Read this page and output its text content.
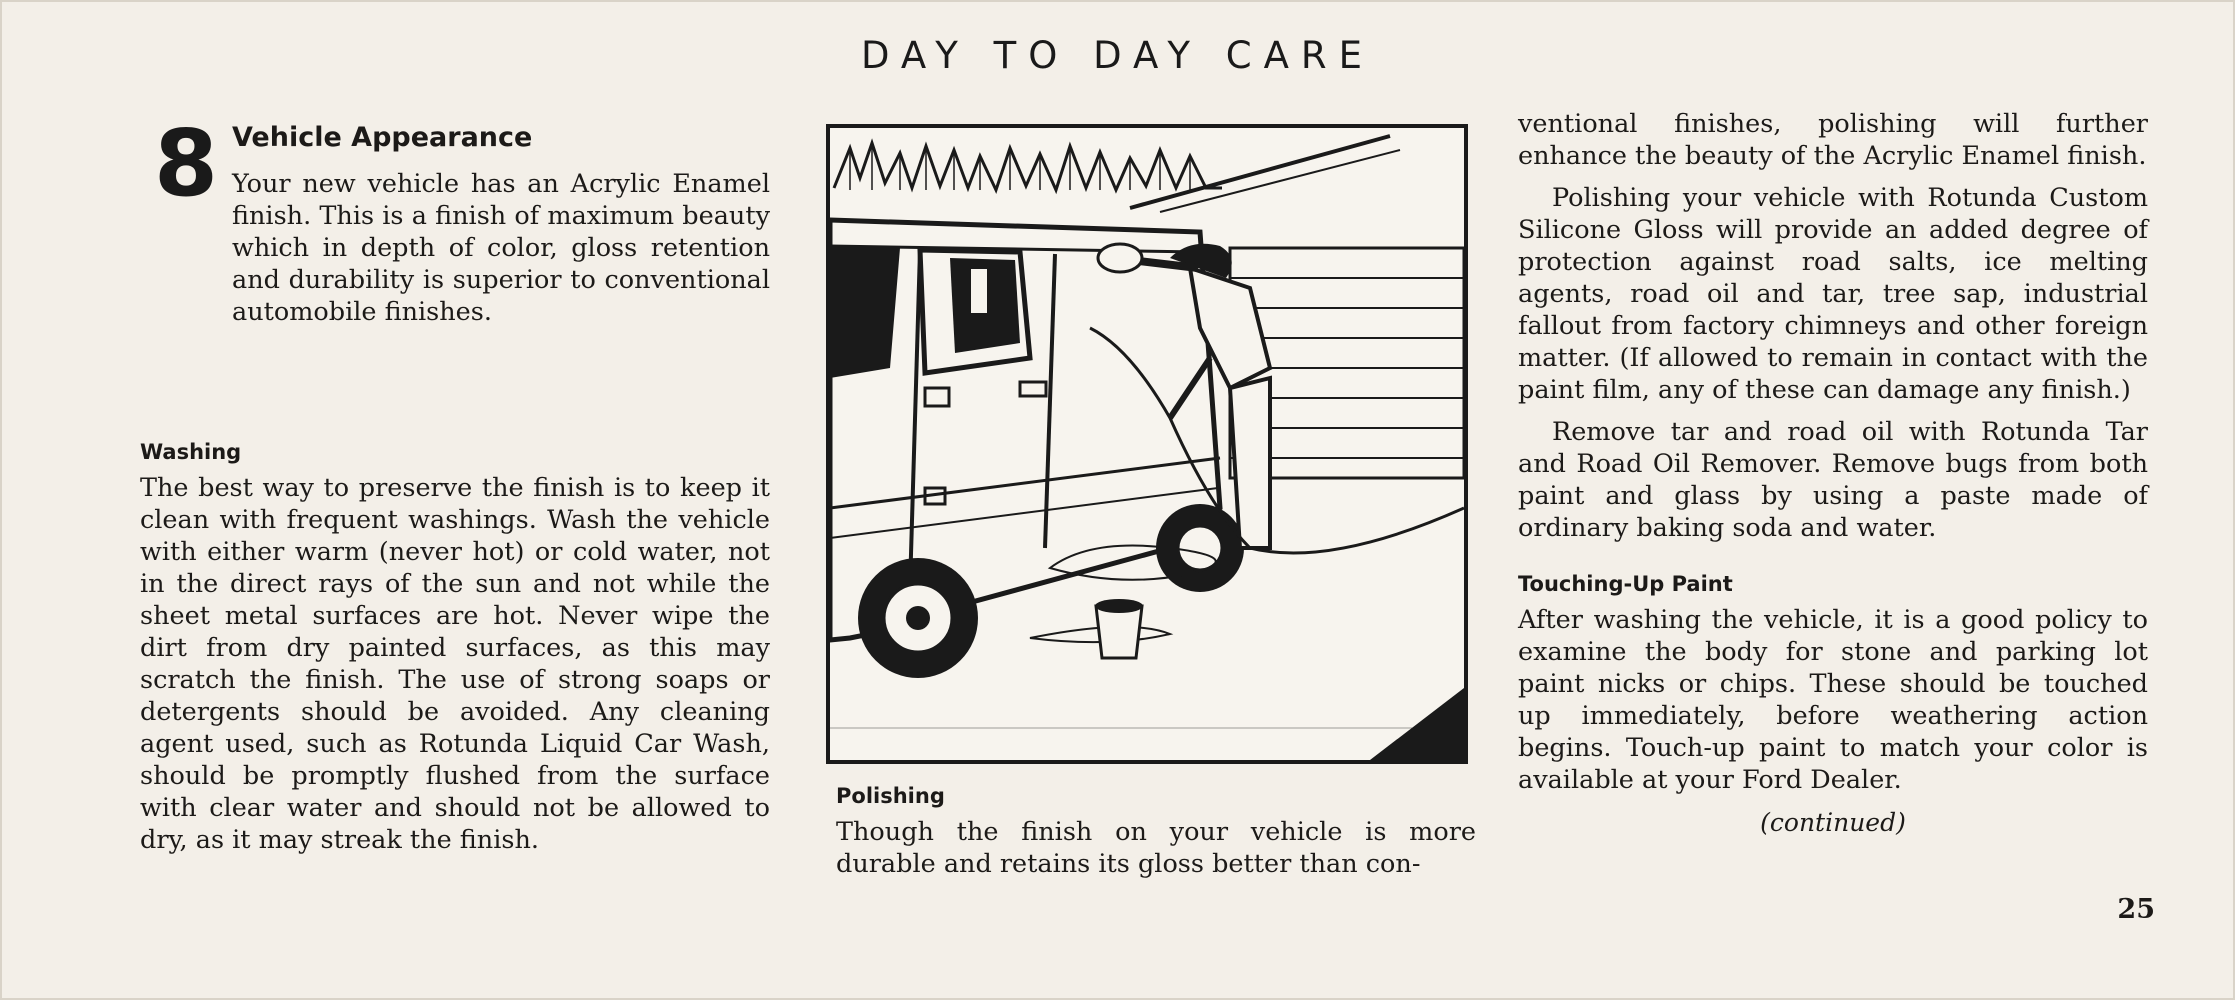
DAY TO DAY CARE
8 Vehicle Appearance

Your new vehicle has an Acrylic Enamel finish. This is a finish of maximum beauty which in depth of color, gloss retention and durability is superior to conventional automobile finishes.

Washing

The best way to preserve the finish is to keep it clean with frequent washings. Wash the vehicle with either warm (never hot) or cold water, not in the direct rays of the sun and not while the sheet metal surfaces are hot. Never wipe the dirt from dry painted surfaces, as this may scratch the finish. The use of strong soaps or detergents should be avoided. Any cleaning agent used, such as Rotunda Liquid Car Wash, should be promptly flushed from the surface with clear water and should not be allowed to dry, as it may streak the finish.

Polishing

Though the finish on your vehicle is more durable and retains its gloss better than con-

ventional finishes, polishing will further enhance the beauty of the Acrylic Enamel finish.

Polishing your vehicle with Rotunda Custom Silicone Gloss will provide an added degree of protection against road salts, ice melting agents, road oil and tar, tree sap, industrial fallout from factory chimneys and other foreign matter. (If allowed to remain in contact with the paint film, any of these can damage any finish.)

Remove tar and road oil with Rotunda Tar and Road Oil Remover. Remove bugs from both paint and glass by using a paste made of ordinary baking soda and water.

Touching-Up Paint

After washing the vehicle, it is a good policy to examine the body for stone and parking lot paint nicks or chips. These should be touched up immediately, before weathering action begins. Touch-up paint to match your color is available at your Ford Dealer.

(continued)
25
